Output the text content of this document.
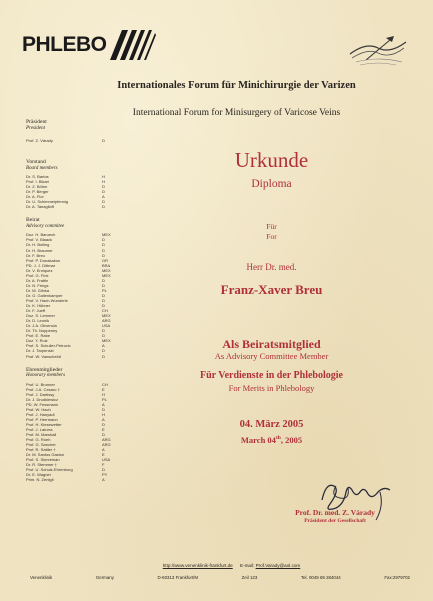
PHLEBO
Internationales Forum für Minichirurgie der Varizen
International Forum for Minisurgery of Varicose Veins
Präsident
President
Prof. Z. Várady	D
Vorstand
Board members
Dr. S. Bartos	H
Prof. I. Bikari	H
Dr. Z. Böhm	D
Dr. P. Berger	D
Dr. A. Fior	A
Dr. U. Schimmelpfennig	D
Dr. A. Tanaglioff	D
Beirat
Advisory commitee
Doz. H. Baruech	MEX
Prof. V. Blaack	D
Dr. H. Bolling	D
Dr. H. Braumer	D
Dr. F. Breu	D
Prof. P. Donakakos	GR
PD. J. J. Dittmar	BRA
Dr. V. Enriquez	MEX
Prof. G. Fink	MEX
Dr. A. Frattin	D
Dr. N. Frings	D
Dr. M. Glinka	PL
Dr. G. Gallenkamper	D
Prof. V. Hach-Wunderle	D
Dr. K. Hübner	D
Dr. F. Jueff	CH
Doz. S. Lemmer	MEX
Dr. D. Leonik	ARG
Dr. J.A. Olivencia	USA
Dr. Th. Noppeney	D
Prof. E. Rabe	D
Doz. Y. Ruiz	MEX
Prof. S. Schuller-Petrovic	A
Dr. J. Tarpenski	D
Prof. W. Vanscheidt	D
Ehrenmitglieder
Honorary members
Prof. U. Brunner	CH
Prof. J.A. Cesaro †	E
Prof. J. Dartissy	H
Dr. J. Drudkiewicz	PL
PD. W. Fessmann	A
Prof. W. Hach	D
Prof. J. Hanyadi	H
Prof. P. Herrmann	A
Prof. H. Kiesewetter	D
Prof. J. Latorra	E
Prof. M. Marshall	D
Prof. G. Roeh	ARG
Prof. G. Sancher	ARG
Prof. R. Sattler †	A
Dr. M. Santos Gaston	E
Prof. S. Sinnreinan	USA
Dr. R. Stemmer †	F
Prof. U. Schulz-Ehrenburg	D
Dr. E. Wagner	PY
Prim. N. Zentgil	A
Urkunde
Diploma
Für
For
Herr Dr. med.
Franz-Xaver Breu
Als Beiratsmitglied
As Advisory Committee Member
Für Verdienste in der Phlebologie
For Merits in Phlebology
04. März 2005
March 04th, 2005
Prof. Dr. med. Z. Várady
Präsident der Gesellschaft
http://www.venenklinik-frankfurt.de E-mail: Prof.Varady@aol.com
Venenklinik	Germany	D-60313 Frankfurt/M	Zeil 123	Tel. 0049 69 284044	Fax:2979702
